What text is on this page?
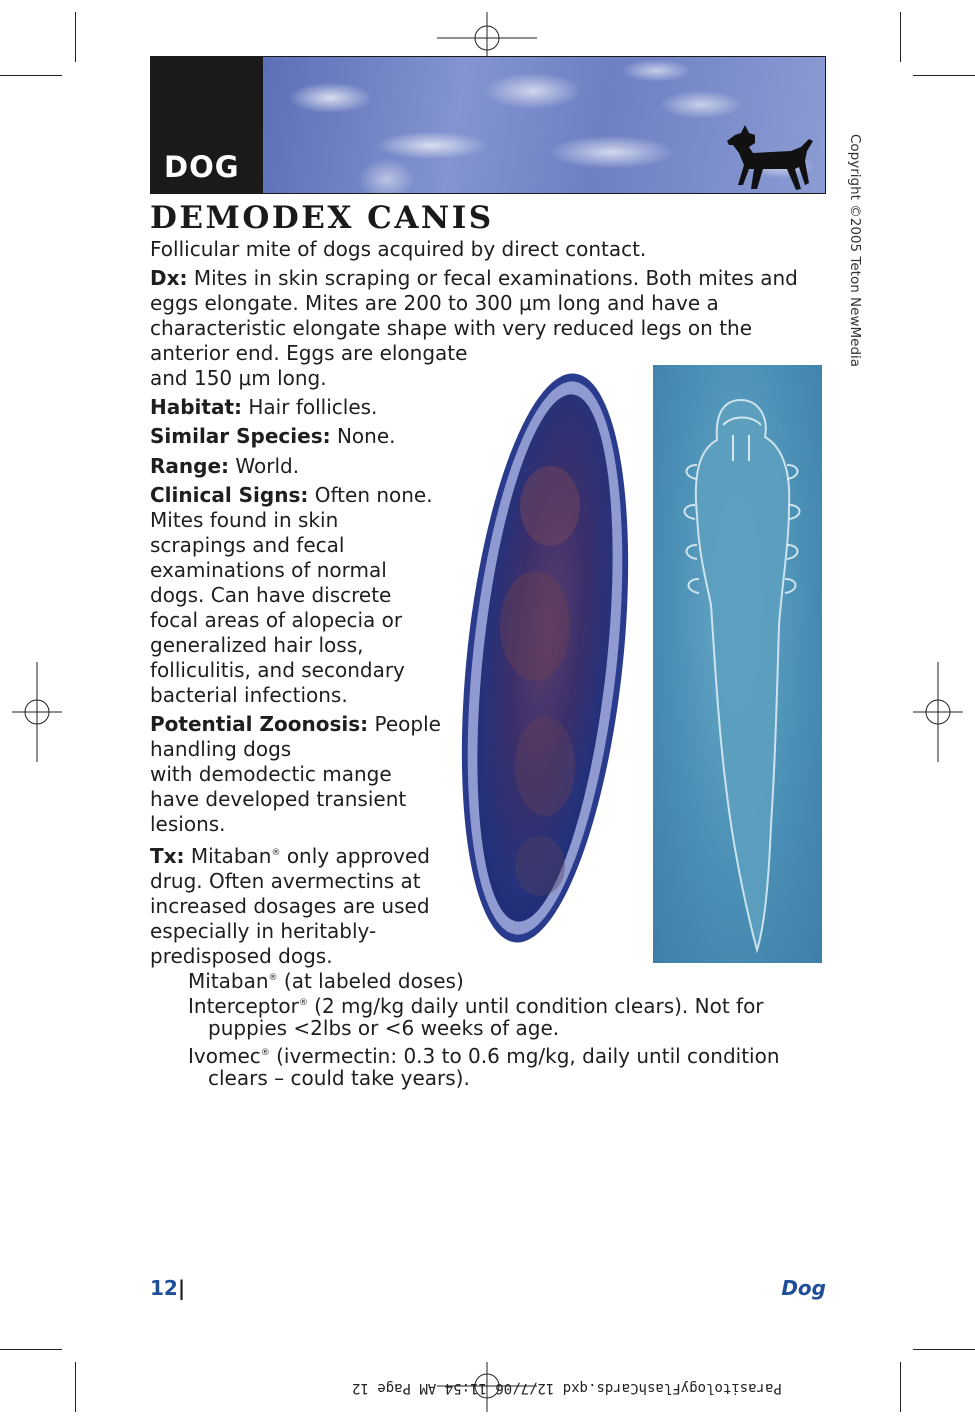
DOG
DEMODEX CANIS
Follicular mite of dogs acquired by direct contact.
Dx: Mites in skin scraping or fecal examinations. Both mites and
eggs elongate. Mites are 200 to 300 μm long and have a
characteristic elongate shape with very reduced legs on the
anterior end. Eggs are elongate
and 150 μm long.
Habitat: Hair follicles.
Similar Species: None.
Range: World.
Clinical Signs: Often none.
Mites found in skin
scrapings and fecal
examinations of normal
dogs. Can have discrete
focal areas of alopecia or
generalized hair loss,
folliculitis, and secondary
bacterial infections.
Potential Zoonosis: People
handling dogs
with demodectic mange
have developed transient
lesions.
Tx: Mitaban® only approved
drug. Often avermectins at
increased dosages are used
especially in heritably-
predisposed dogs.
Mitaban® (at labeled doses)
Interceptor® (2 mg/kg daily until condition clears). Not for
puppies <2lbs or <6 weeks of age.
Ivomec® (ivermectin: 0.3 to 0.6 mg/kg, daily until condition
clears – could take years).
Copyright ©2005 Teton NewMedia
12|	Dog
ParasitologyFlashCards.qxd 12/7/06 11:54 AM Page 12
